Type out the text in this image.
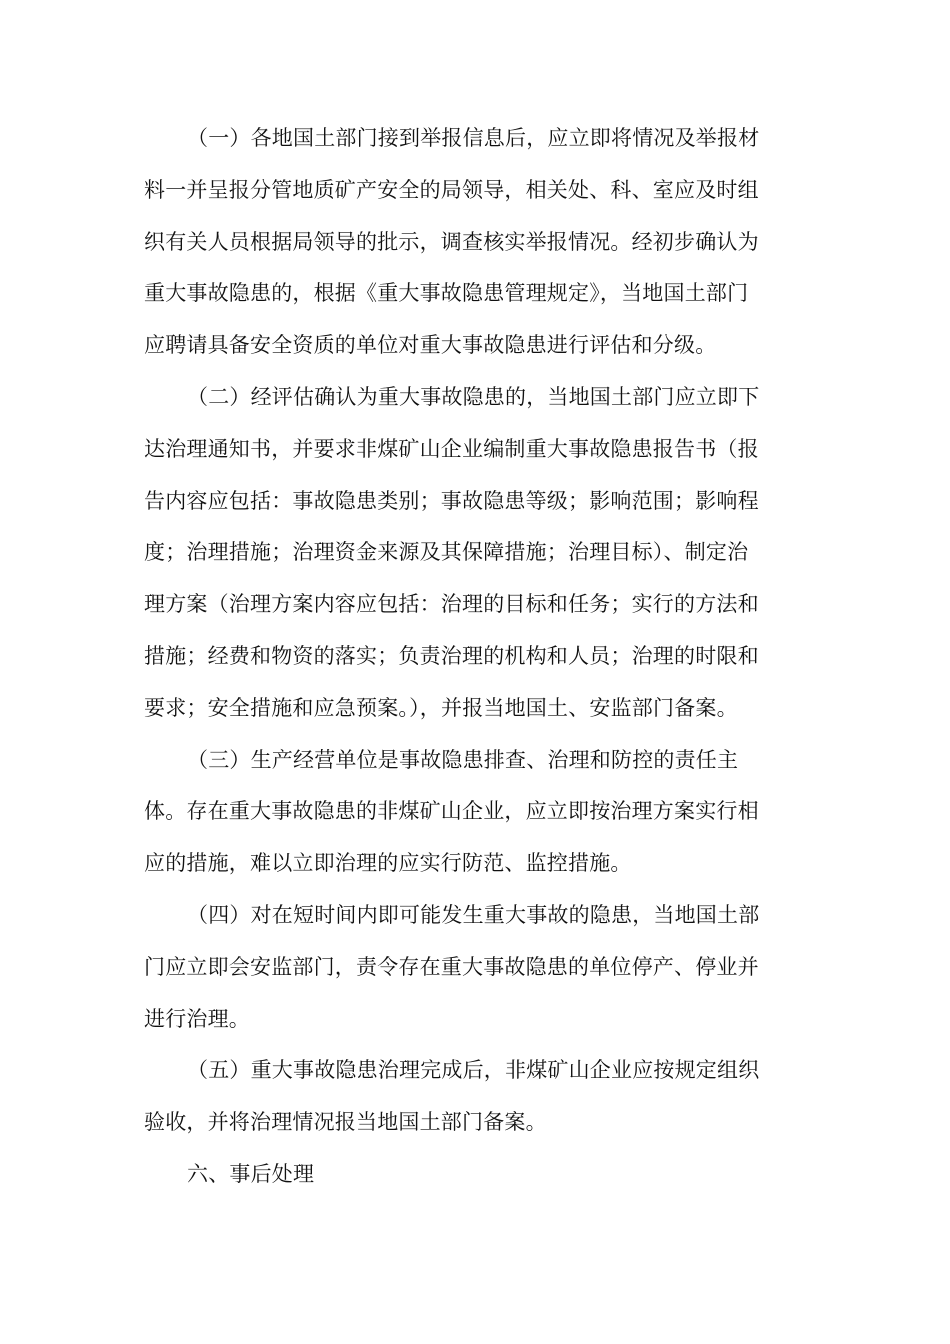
（一）各地国土部门接到举报信息后，应立即将情况及举报材
料一并呈报分管地质矿产安全的局领导，相关处、科、室应及时组
织有关人员根据局领导的批示，调查核实举报情况。经初步确认为
重大事故隐患的，根据《重大事故隐患管理规定》，当地国土部门
应聘请具备安全资质的单位对重大事故隐患进行评估和分级。
（二）经评估确认为重大事故隐患的，当地国土部门应立即下
达治理通知书，并要求非煤矿山企业编制重大事故隐患报告书（报
告内容应包括：事故隐患类别；事故隐患等级；影响范围；影响程
度；治理措施；治理资金来源及其保障措施；治理目标）、制定治
理方案（治理方案内容应包括：治理的目标和任务；实行的方法和
措施；经费和物资的落实；负责治理的机构和人员；治理的时限和
要求；安全措施和应急预案。），并报当地国土、安监部门备案。
（三）生产经营单位是事故隐患排查、治理和防控的责任主
体。存在重大事故隐患的非煤矿山企业，应立即按治理方案实行相
应的措施，难以立即治理的应实行防范、监控措施。
（四）对在短时间内即可能发生重大事故的隐患，当地国土部
门应立即会安监部门，责令存在重大事故隐患的单位停产、停业并
进行治理。
（五）重大事故隐患治理完成后，非煤矿山企业应按规定组织
验收，并将治理情况报当地国土部门备案。
六、事后处理
